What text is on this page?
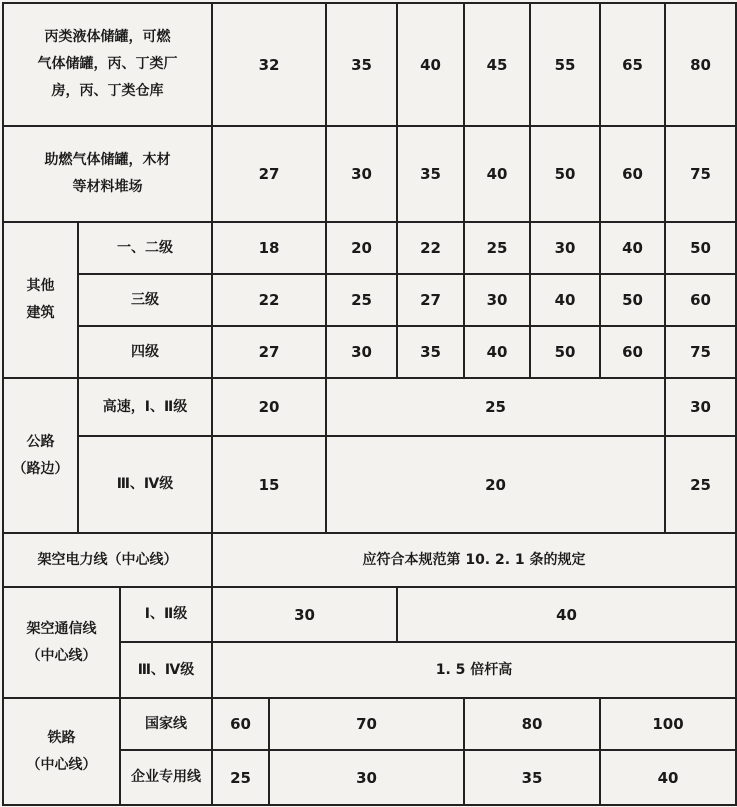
丙类液体储罐，可燃
气体储罐，丙、丁类厂
房，丙、丁类仓库			32		35	40	45	55	65	80
助燃气体储罐，木材
等材料堆场			27		30	35	40	50	60	75
其他
建筑	一、二级		18		20	22	25	30	40	50
	三级		22		25	27	30	40	50	60
	四级		27		30	35	40	50	60	75
公路
（路边）	高速，Ⅰ、Ⅱ级		20		25					30
	Ⅲ、Ⅳ级		15		20					25
架空电力线（中心线）			应符合本规范第 10. 2. 1 条的规定							
架空通信线
（中心线）		Ⅰ、Ⅱ级	30			40				
		Ⅲ、Ⅳ级	1. 5 倍杆高							
铁路
（中心线）		国家线	60	70			80		100	
		企业专用线	25	30			35		40	
